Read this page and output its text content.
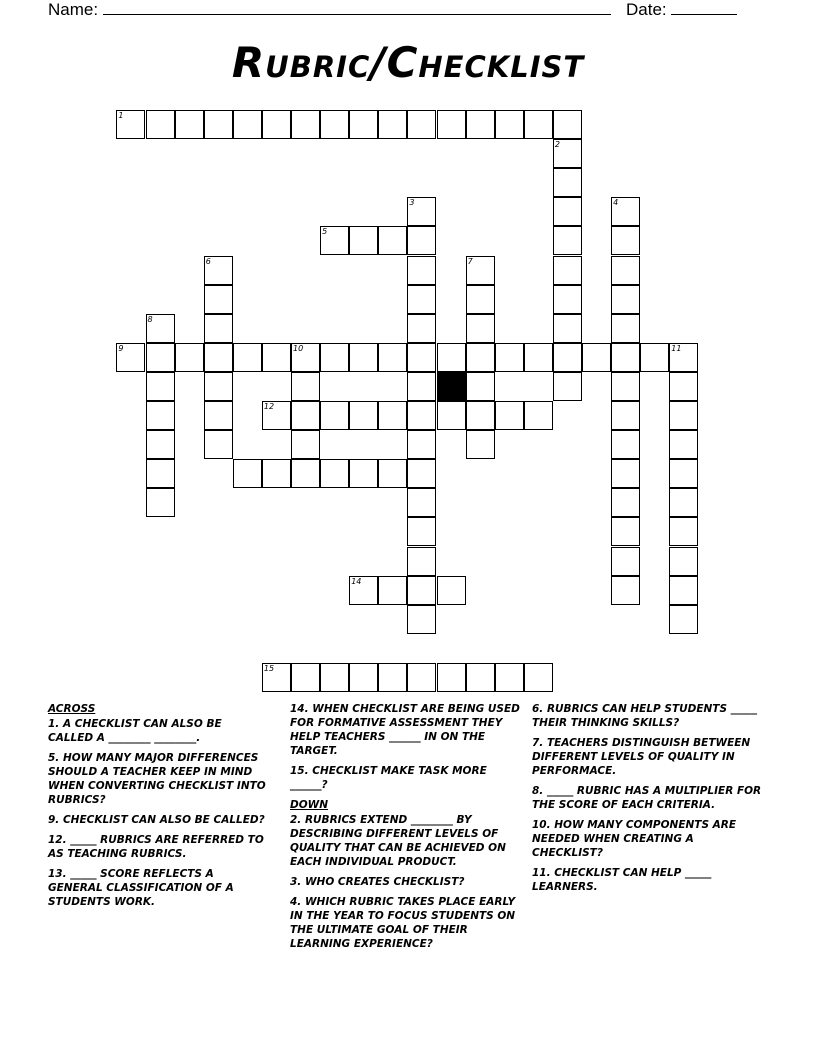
Name:	Date:
Rubric/Checklist
1
2
3	4
5
6	7
8
9	10	11
12
14
15
ACROSS
1. A CHECKLIST CAN ALSO BE CALLED A ________ ________.
5. HOW MANY MAJOR DIFFERENCES SHOULD A TEACHER KEEP IN MIND WHEN CONVERTING CHECKLIST INTO RUBRICS?
9. CHECKLIST CAN ALSO BE CALLED?
12. _____ RUBRICS ARE REFERRED TO AS TEACHING RUBRICS.
13. _____ SCORE REFLECTS A GENERAL CLASSIFICATION OF A STUDENTS WORK.
14. WHEN CHECKLIST ARE BEING USED FOR FORMATIVE ASSESSMENT THEY HELP TEACHERS ______ IN ON THE TARGET.
15. CHECKLIST MAKE TASK MORE ______?
DOWN
2. RUBRICS EXTEND ________ BY DESCRIBING DIFFERENT LEVELS OF QUALITY THAT CAN BE ACHIEVED ON EACH INDIVIDUAL PRODUCT.
3. WHO CREATES CHECKLIST?
4. WHICH RUBRIC TAKES PLACE EARLY IN THE YEAR TO FOCUS STUDENTS ON THE ULTIMATE GOAL OF THEIR LEARNING EXPERIENCE?
6. RUBRICS CAN HELP STUDENTS _____ THEIR THINKING SKILLS?
7. TEACHERS DISTINGUISH BETWEEN DIFFERENT LEVELS OF QUALITY IN PERFORMACE.
8. _____ RUBRIC HAS A MULTIPLIER FOR THE SCORE OF EACH CRITERIA.
10. HOW MANY COMPONENTS ARE NEEDED WHEN CREATING A CHECKLIST?
11. CHECKLIST CAN HELP _____ LEARNERS.
